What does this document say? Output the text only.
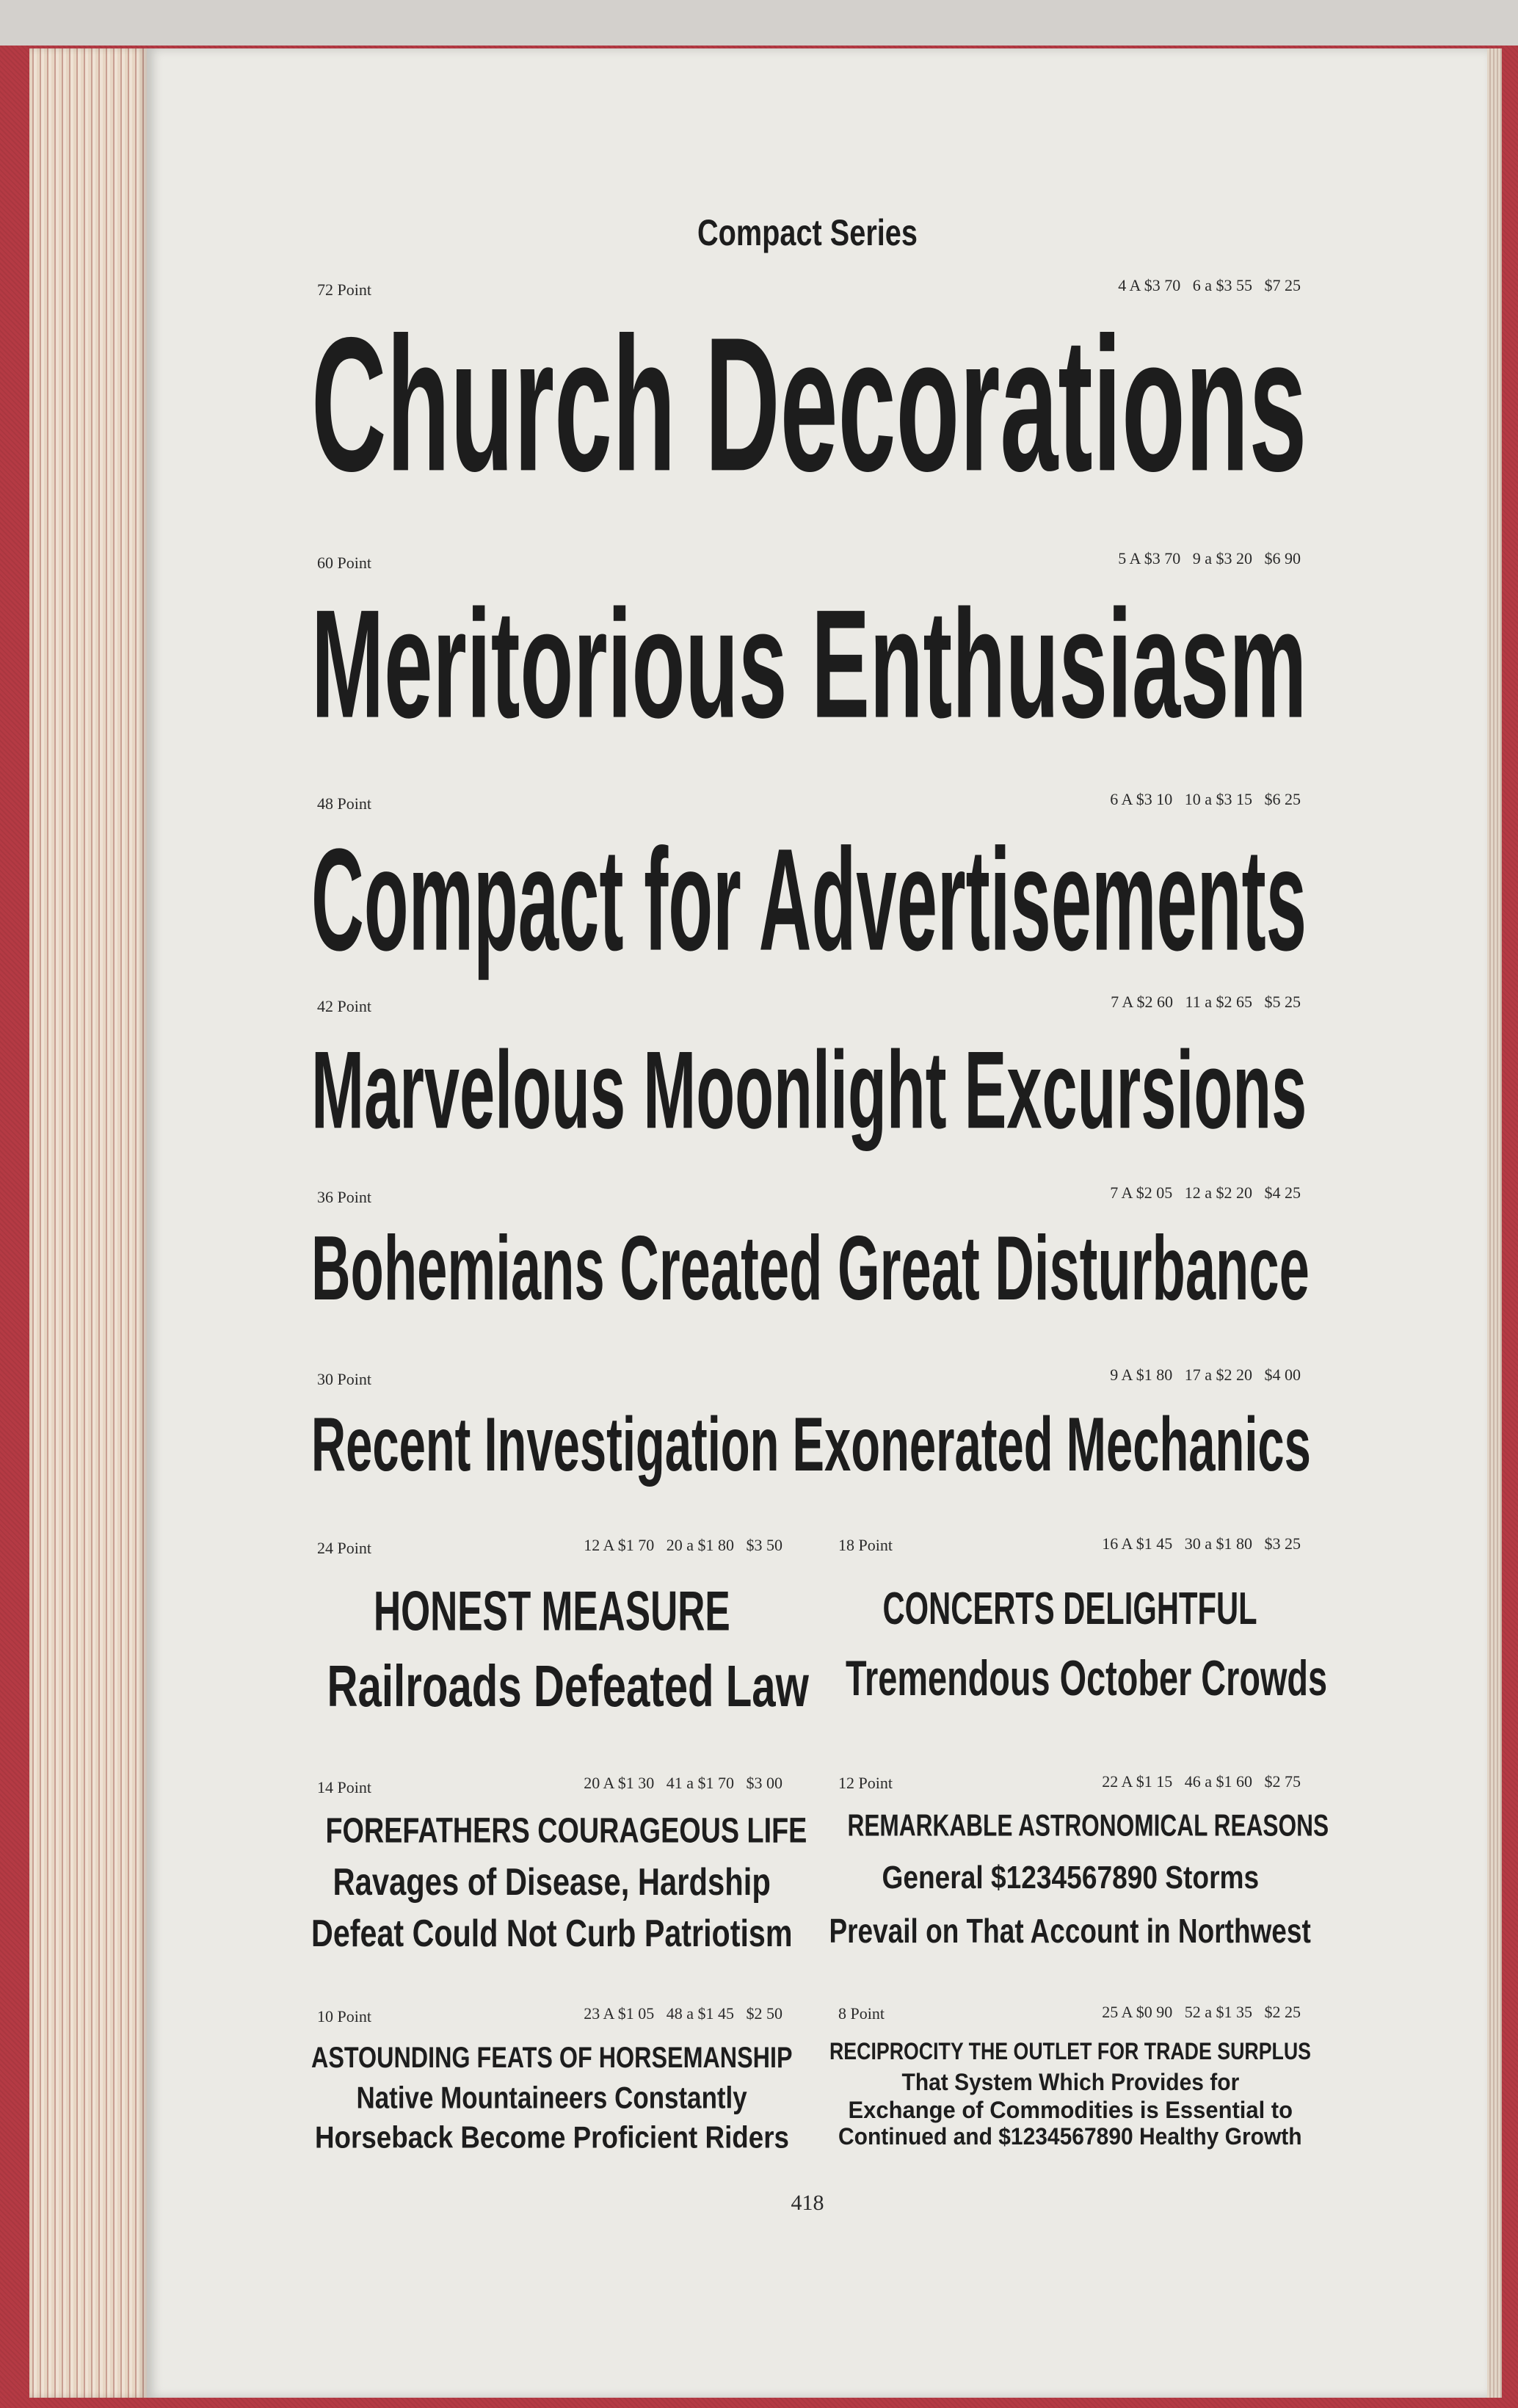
Compact Series
72 Point	4 A $3 70   6 a $3 55   $7 25
Church Decorations
60 Point	5 A $3 70   9 a $3 20   $6 90
Meritorious Enthusiasm
48 Point	6 A $3 10   10 a $3 15   $6 25
Compact for Advertisements
42 Point	7 A $2 60   11 a $2 65   $5 25
Marvelous Moonlight Excursions
36 Point	7 A $2 05   12 a $2 20   $4 25
Bohemians Created Great Disturbance
30 Point	9 A $1 80   17 a $2 20   $4 00
Recent Investigation Exonerated Mechanics
24 Point	12 A $1 70   20 a $1 80   $3 50
HONEST MEASURE
Railroads Defeated Law
18 Point	16 A $1 45   30 a $1 80   $3 25
CONCERTS DELIGHTFUL
Tremendous October Crowds
14 Point	20 A $1 30   41 a $1 70   $3 00
FOREFATHERS COURAGEOUS LIFE
Ravages of Disease, Hardship
Defeat Could Not Curb Patriotism
12 Point	22 A $1 15   46 a $1 60   $2 75
REMARKABLE ASTRONOMICAL REASONS
General $1234567890 Storms
Prevail on That Account in Northwest
10 Point	23 A $1 05   48 a $1 45   $2 50
ASTOUNDING FEATS OF HORSEMANSHIP
Native Mountaineers Constantly
Horseback Become Proficient Riders
8 Point	25 A $0 90   52 a $1 35   $2 25
RECIPROCITY THE OUTLET FOR TRADE SURPLUS
That System Which Provides for
Exchange of Commodities is Essential to
Continued and $1234567890 Healthy Growth
418
